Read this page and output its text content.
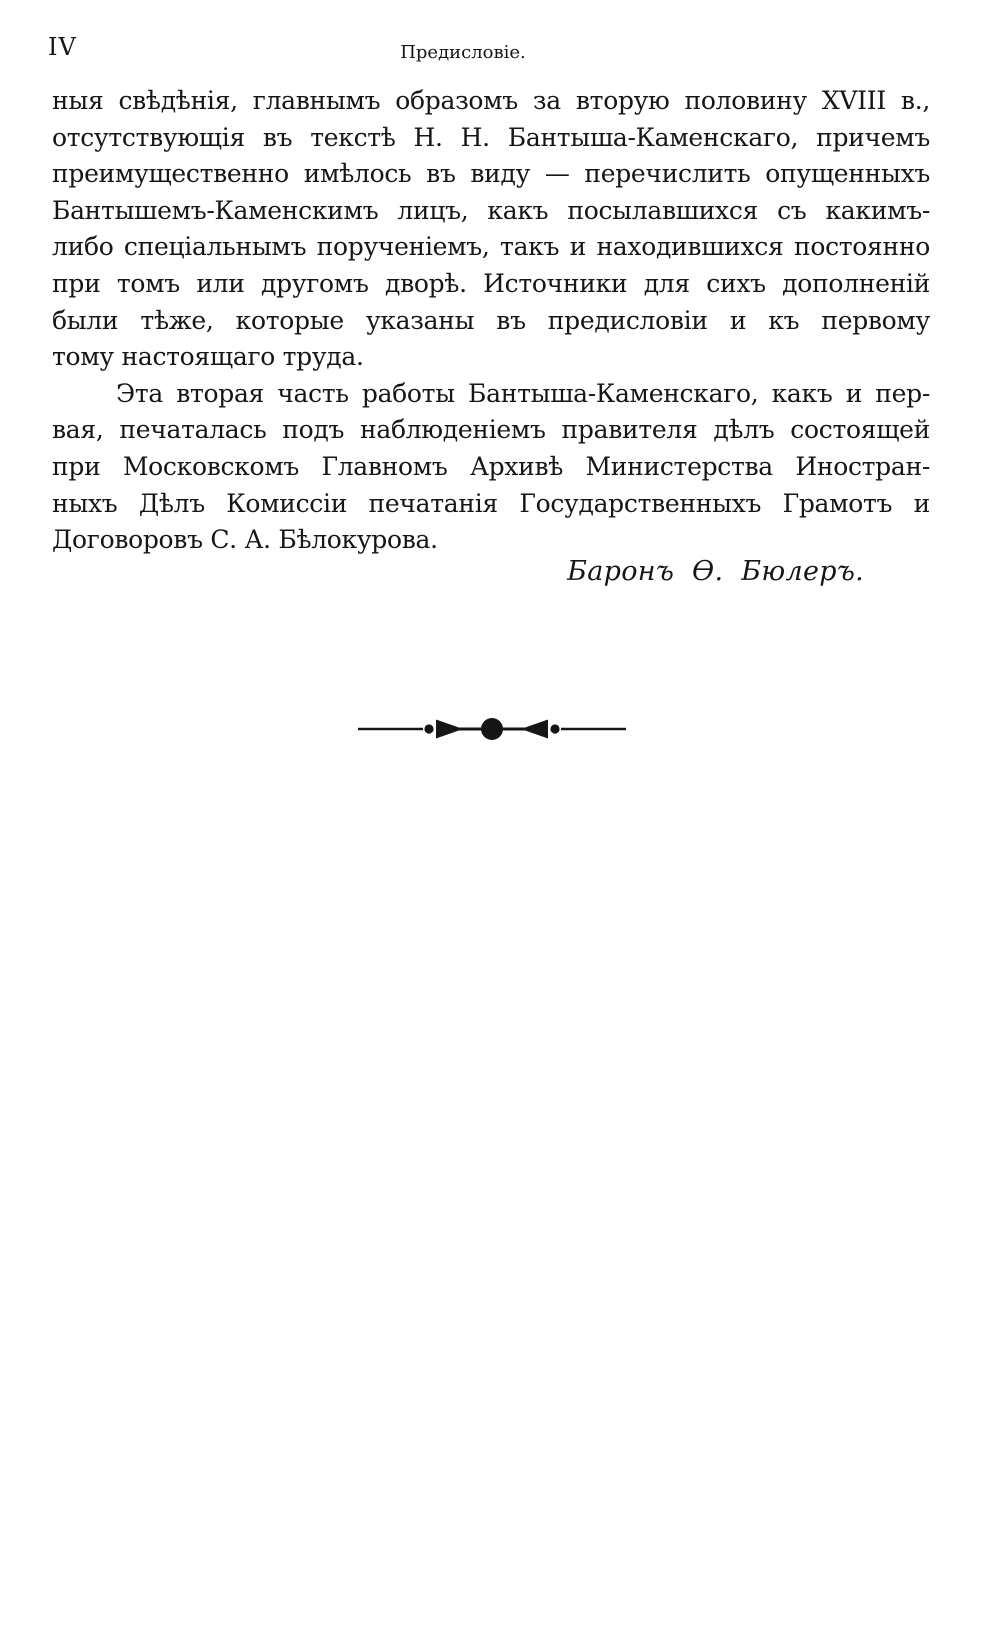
IV	Предисловіе.
ныя свѣдѣнія, главнымъ образомъ за вторую половину XVIII в.,
отсутствующія въ текстѣ Н. Н. Бантыша-Каменскаго, причемъ
преимущественно имѣлось въ виду — перечислить опущенныхъ
Бантышемъ-Каменскимъ лицъ, какъ посылавшихся съ какимъ-
либо спеціальнымъ порученіемъ, такъ и находившихся постоянно
при томъ или другомъ дворѣ. Источники для сихъ дополненій
были тѣже, которые указаны въ предисловіи и къ первому
тому настоящаго труда.
Эта вторая часть работы Бантыша-Каменскаго, какъ и пер-
вая, печаталась подъ наблюденіемъ правителя дѣлъ состоящей
при Московскомъ Главномъ Архивѣ Министерства Иностран-
ныхъ Дѣлъ Комиссіи печатанія Государственныхъ Грамотъ и
Договоровъ С. А. Бѣлокурова.
Баронъ Ѳ. Бюлеръ.
